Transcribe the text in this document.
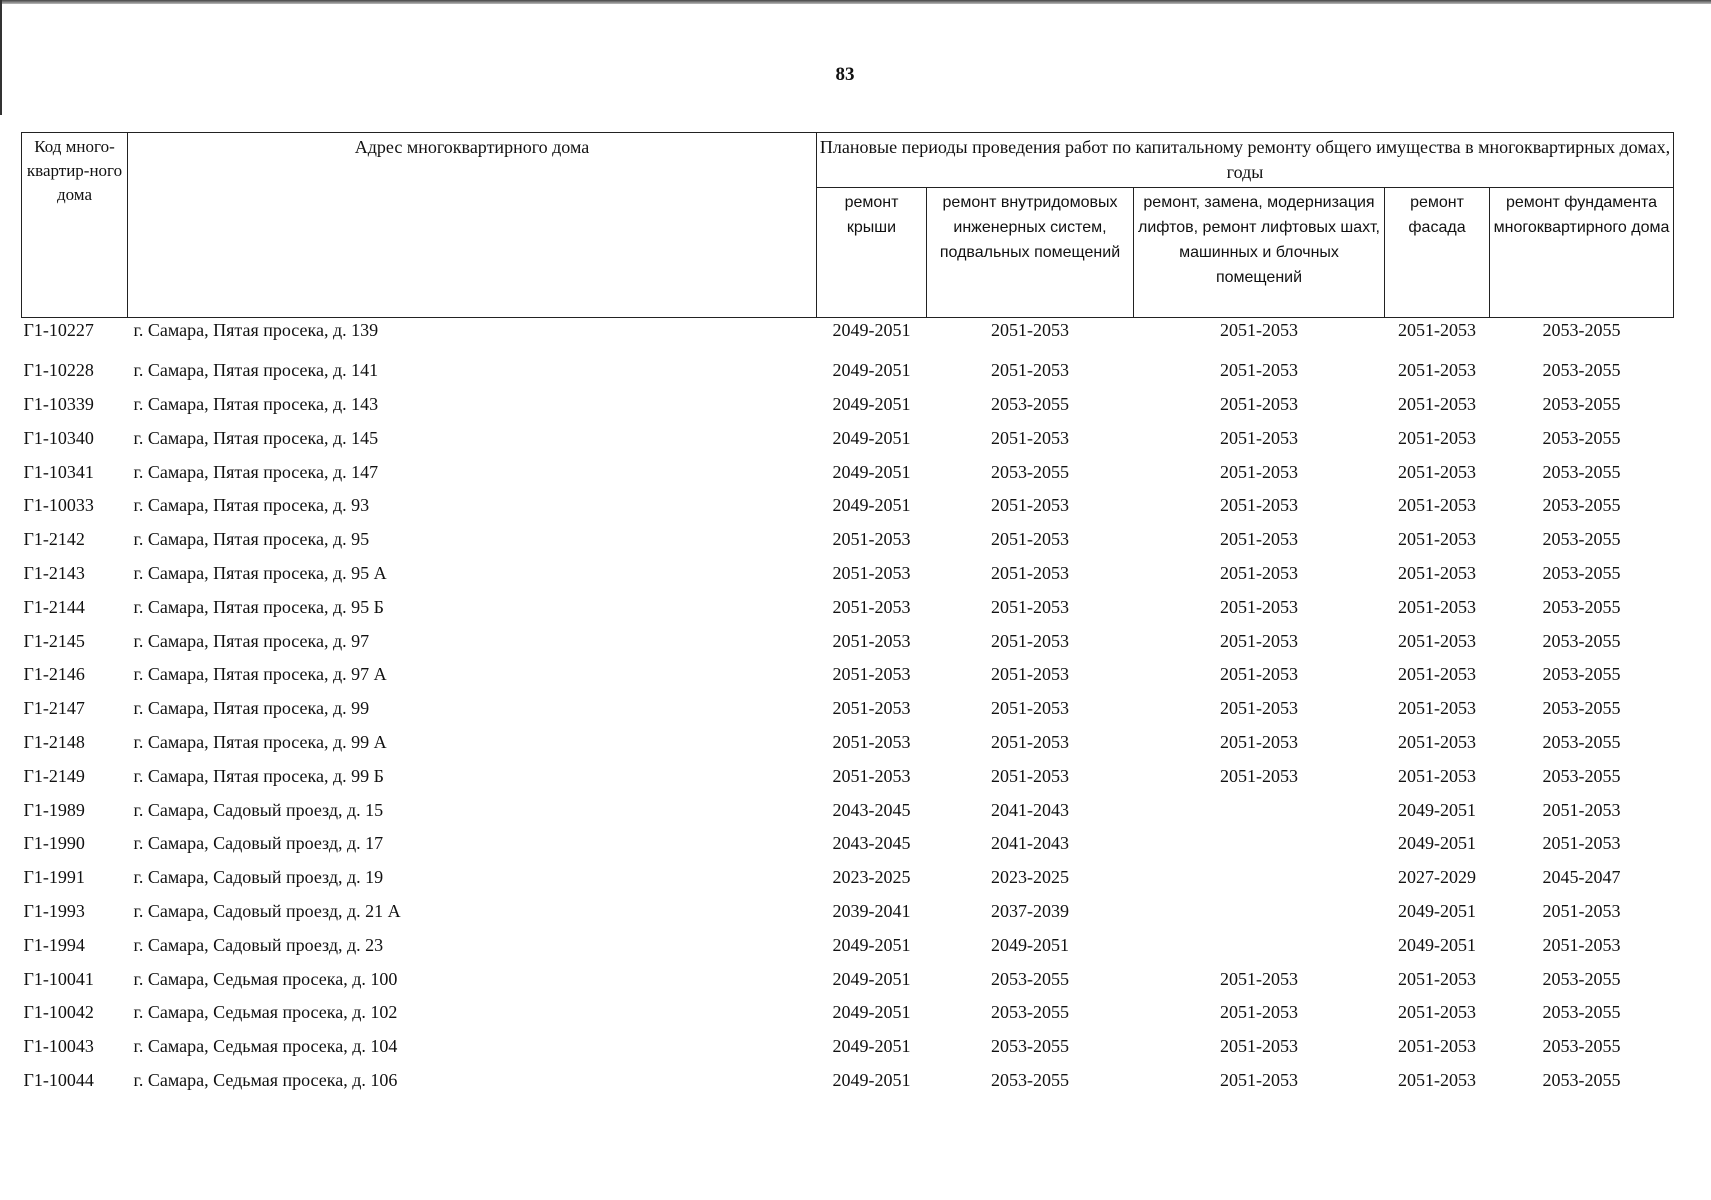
83
Код много-квартир-ного дома	Адрес многоквартирного дома	Плановые периоды проведения работ по капитальному ремонту общего имущества в многоквартирных домах, годы				
		ремонт крыши	ремонт внутридомовых инженерных систем, подвальных помещений	ремонт, замена, модернизация лифтов, ремонт лифтовых шахт, машинных и блочных помещений	ремонт фасада	ремонт фундамента многоквартирного дома
Г1-10227	г. Самара, Пятая просека, д. 139	2049-2051	2051-2053	2051-2053	2051-2053	2053-2055
Г1-10228	г. Самара, Пятая просека, д. 141	2049-2051	2051-2053	2051-2053	2051-2053	2053-2055
Г1-10339	г. Самара, Пятая просека, д. 143	2049-2051	2053-2055	2051-2053	2051-2053	2053-2055
Г1-10340	г. Самара, Пятая просека, д. 145	2049-2051	2051-2053	2051-2053	2051-2053	2053-2055
Г1-10341	г. Самара, Пятая просека, д. 147	2049-2051	2053-2055	2051-2053	2051-2053	2053-2055
Г1-10033	г. Самара, Пятая просека, д. 93	2049-2051	2051-2053	2051-2053	2051-2053	2053-2055
Г1-2142	г. Самара, Пятая просека, д. 95	2051-2053	2051-2053	2051-2053	2051-2053	2053-2055
Г1-2143	г. Самара, Пятая просека, д. 95 А	2051-2053	2051-2053	2051-2053	2051-2053	2053-2055
Г1-2144	г. Самара, Пятая просека, д. 95 Б	2051-2053	2051-2053	2051-2053	2051-2053	2053-2055
Г1-2145	г. Самара, Пятая просека, д. 97	2051-2053	2051-2053	2051-2053	2051-2053	2053-2055
Г1-2146	г. Самара, Пятая просека, д. 97 А	2051-2053	2051-2053	2051-2053	2051-2053	2053-2055
Г1-2147	г. Самара, Пятая просека, д. 99	2051-2053	2051-2053	2051-2053	2051-2053	2053-2055
Г1-2148	г. Самара, Пятая просека, д. 99 А	2051-2053	2051-2053	2051-2053	2051-2053	2053-2055
Г1-2149	г. Самара, Пятая просека, д. 99 Б	2051-2053	2051-2053	2051-2053	2051-2053	2053-2055
Г1-1989	г. Самара, Садовый проезд, д. 15	2043-2045	2041-2043		2049-2051	2051-2053
Г1-1990	г. Самара, Садовый проезд, д. 17	2043-2045	2041-2043		2049-2051	2051-2053
Г1-1991	г. Самара, Садовый проезд, д. 19	2023-2025	2023-2025		2027-2029	2045-2047
Г1-1993	г. Самара, Садовый проезд, д. 21 А	2039-2041	2037-2039		2049-2051	2051-2053
Г1-1994	г. Самара, Садовый проезд, д. 23	2049-2051	2049-2051		2049-2051	2051-2053
Г1-10041	г. Самара, Седьмая просека, д. 100	2049-2051	2053-2055	2051-2053	2051-2053	2053-2055
Г1-10042	г. Самара, Седьмая просека, д. 102	2049-2051	2053-2055	2051-2053	2051-2053	2053-2055
Г1-10043	г. Самара, Седьмая просека, д. 104	2049-2051	2053-2055	2051-2053	2051-2053	2053-2055
Г1-10044	г. Самара, Седьмая просека, д. 106	2049-2051	2053-2055	2051-2053	2051-2053	2053-2055
